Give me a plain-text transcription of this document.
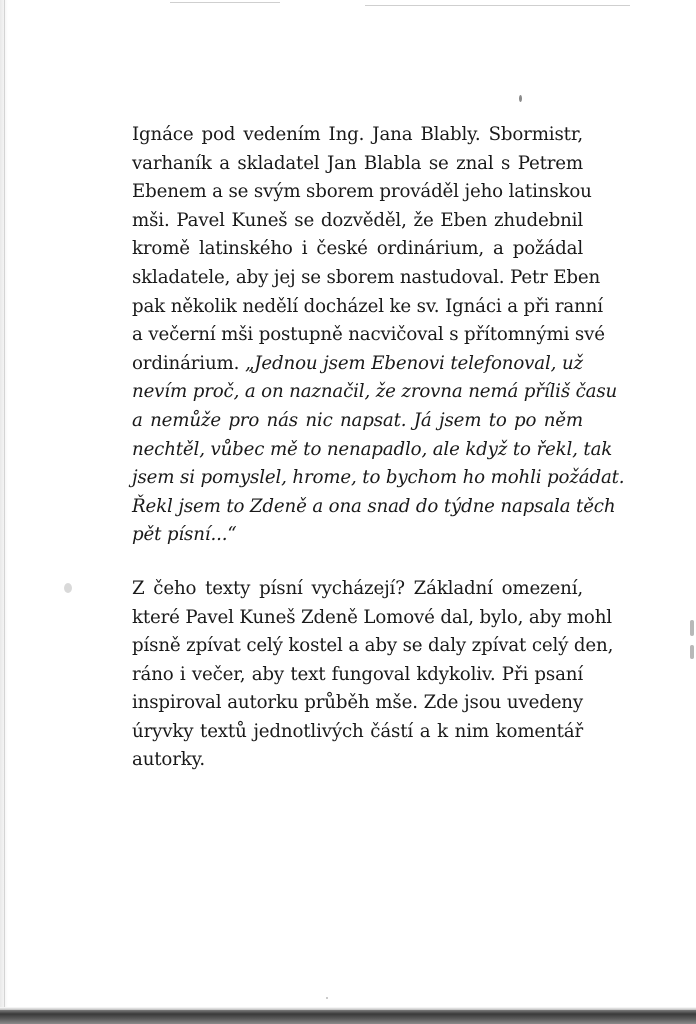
Ignáce pod vedením Ing. Jana Blably. Sbormistr,
varhaník a skladatel Jan Blabla se znal s Petrem
Ebenem a se svým sborem prováděl jeho latinskou
mši. Pavel Kuneš se dozvěděl, že Eben zhudebnil
kromě latinského i české ordinárium, a požádal
skladatele, aby jej se sborem nastudoval. Petr Eben
pak několik nedělí docházel ke sv. Ignáci a při ranní
a večerní mši postupně nacvičoval s přítomnými své
ordinárium. „Jednou jsem Ebenovi telefonoval, už
nevím proč, a on naznačil, že zrovna nemá příliš času
a nemůže pro nás nic napsat. Já jsem to po něm
nechtěl, vůbec mě to nenapadlo, ale když to řekl, tak
jsem si pomyslel, hrome, to bychom ho mohli požádat.
Řekl jsem to Zdeně a ona snad do týdne napsala těch
pět písní...“
Z čeho texty písní vycházejí? Základní omezení,
které Pavel Kuneš Zdeně Lomové dal, bylo, aby mohl
písně zpívat celý kostel a aby se daly zpívat celý den,
ráno i večer, aby text fungoval kdykoliv. Při psaní
inspiroval autorku průběh mše. Zde jsou uvedeny
úryvky textů jednotlivých částí a k nim komentář
autorky.
